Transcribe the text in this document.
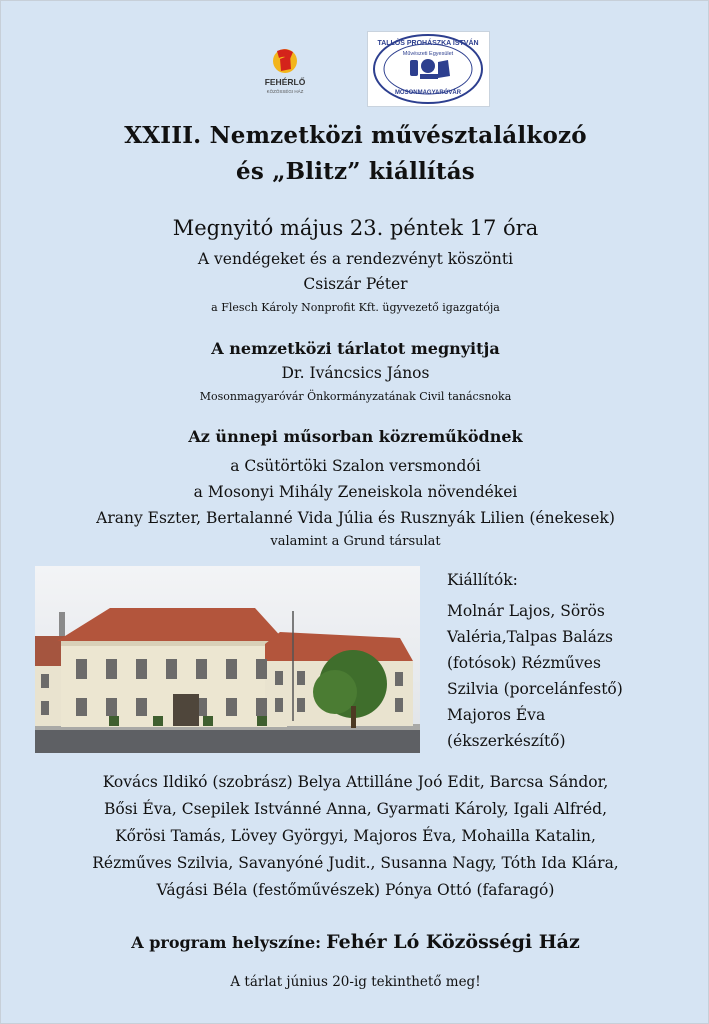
FEHÉRLŐ
KÖZÖSSÉGI HÁZ
TALLÓS PROHÁSZKA ISTVÁN
Művészeti Egyesület
MOSONMAGYARÓVÁR
XXIII. Nemzetközi művésztalálkozó
és „Blitz” kiállítás
Megnyitó május 23. péntek 17 óra
A vendégeket és a rendezvényt köszönti
Csiszár Péter
a Flesch Károly Nonprofit Kft. ügyvezető igazgatója
A nemzetközi tárlatot megnyitja
Dr. Iváncsics János
Mosonmagyaróvár Önkormányzatának Civil tanácsnoka
Az ünnepi műsorban közreműködnek
a Csütörtöki Szalon versmondói
a Mosonyi Mihály Zeneiskola növendékei
Arany Eszter, Bertalanné Vida Júlia és Rusznyák Lilien (énekesek)
valamint a Grund társulat
Kiállítók:
Molnár Lajos, Sörös
Valéria,Talpas Balázs
(fotósok) Rézműves
Szilvia (porcelánfestő)
Majoros Éva
(ékszerkészítő)
Kovács Ildikó (szobrász) Belya Attilláne Joó Edit, Barcsa Sándor,
Bősi Éva, Csepilek Istvánné Anna, Gyarmati Károly, Igali Alfréd,
Kőrösi Tamás, Lövey Györgyi, Majoros Éva, Mohailla Katalin,
Rézműves Szilvia, Savanyóné Judit., Susanna Nagy, Tóth Ida Klára,
Vágási Béla (festőművészek) Pónya Ottó (fafaragó)
A program helyszíne: Fehér Ló Közösségi Ház
A tárlat június 20-ig tekinthető meg!
